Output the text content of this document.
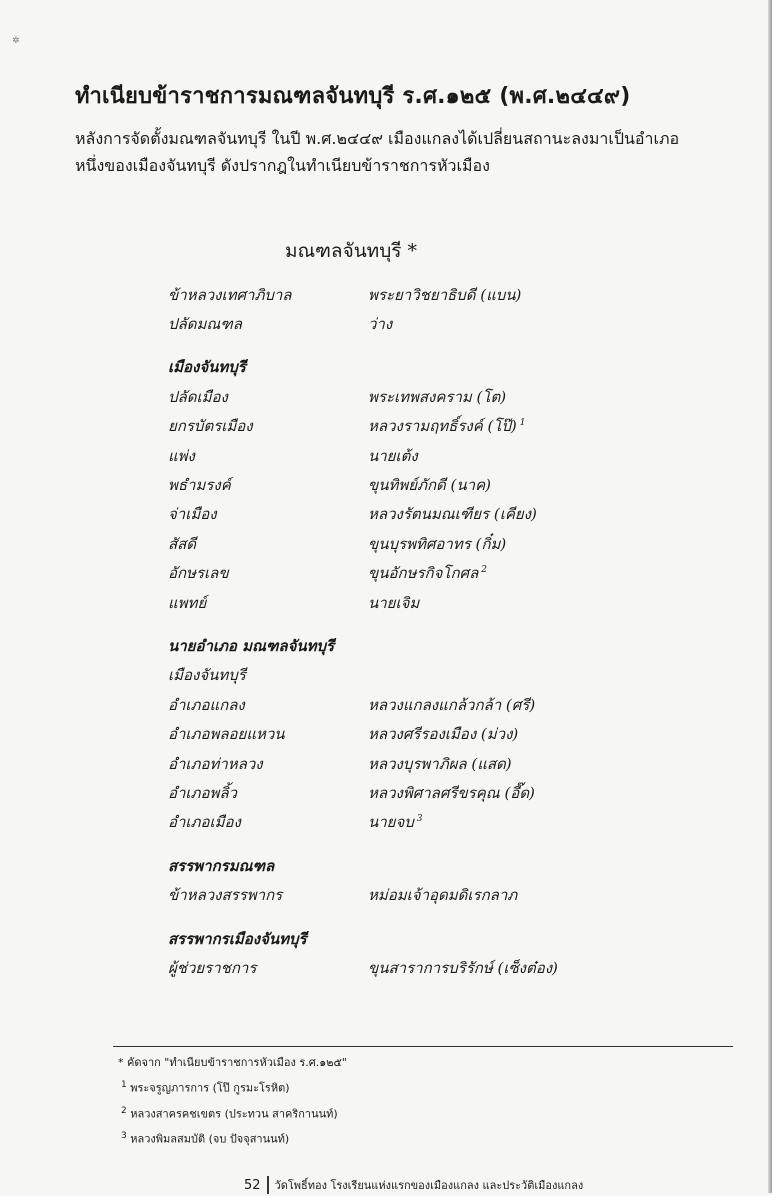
✲
ทำเนียบข้าราชการมณฑลจันทบุรี ร.ศ.๑๒๕ (พ.ศ.๒๔๔๙)

หลังการจัดตั้งมณฑลจันทบุรี ในปี พ.ศ.๒๔๔๙ เมืองแกลงได้เปลี่ยนสถานะลงมาเป็นอำเภอ

หนึ่งของเมืองจันทบุรี ดังปรากฎในทำเนียบข้าราชการหัวเมือง

มณฑลจันทบุรี *
ข้าหลวงเทศาภิบาล	พระยาวิชยาธิบดี (แบน)
ปลัดมณฑล	ว่าง
เมืองจันทบุรี
ปลัดเมือง	พระเทพสงคราม (โต)
ยกรบัตรเมือง	หลวงรามฤทธิ์รงค์ (โป๊) $^1$
แพ่ง	นายเต้ง
พธำมรงค์	ขุนทิพย์ภักดี (นาค)
จ่าเมือง	หลวงรัตนมณเฑียร (เคียง)
สัสดี	ขุนบุรพทิศอาทร (กิ๋ม)
อักษรเลข	ขุนอักษรกิจโกศล $^2$
แพทย์	นายเจิม
นายอำเภอ มณฑลจันทบุรี
เมืองจันทบุรี
อำเภอแกลง	หลวงแกลงแกล้วกล้า (ศรี)
อำเภอพลอยแหวน	หลวงศรีรองเมือง (ม่วง)
อำเภอท่าหลวง	หลวงบุรพาภิผล (แสด)
อำเภอพลิ้ว	หลวงพิศาลศรีขรคุณ (อี๊ด)
อำเภอเมือง	นายจบ $^3$
สรรพากรมณฑล
ข้าหลวงสรรพากร	หม่อมเจ้าอุดมดิเรกลาภ
สรรพากรเมืองจันทบุรี
ผู้ช่วยราชการ	ขุนสาราการบริรักษ์ (เซ็งต๋อง)
* คัดจาก "ทำเนียบข้าราชการหัวเมือง ร.ศ.๑๒๕"
$^1$ พระจรูญภารการ (โป๊ กูรมะโรหิต)
$^2$ หลวงสาครคชเขตร (ประทวน สาคริกานนท์)
$^3$ หลวงพิมลสมบัติ (จบ ปัจจุสานนท์)
52 วัดโพธิ์ทอง โรงเรียนแห่งแรกของเมืองแกลง และประวัติเมืองแกลง
